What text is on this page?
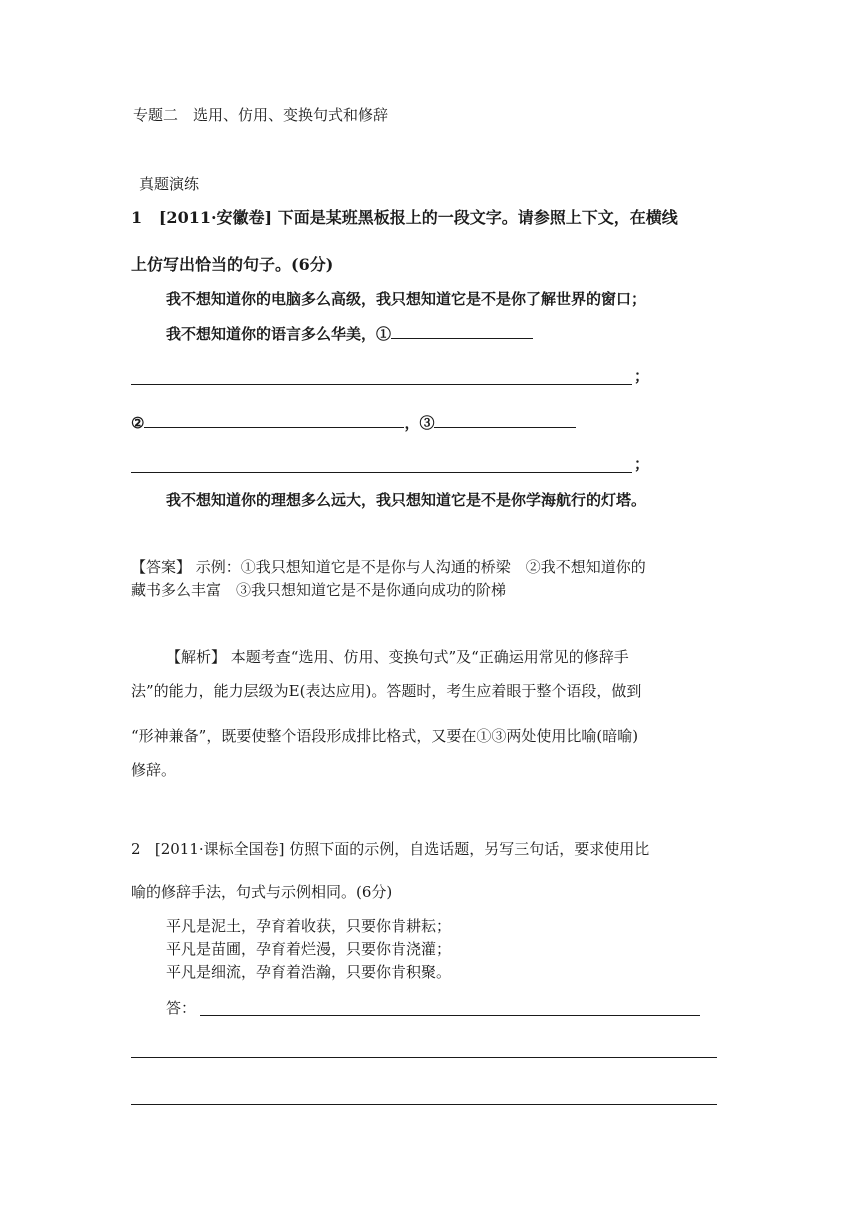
专题二　选用、仿用、变换句式和修辞
真题演练
1 [2011·安徽卷] 下面是某班黑板报上的一段文字。请参照上下文，在横线
上仿写出恰当的句子。(6分)
我不想知道你的电脑多么高级，我只想知道它是不是你了解世界的窗口；
我不想知道你的语言多么华美，①
；
②	，③
；
我不想知道你的理想多么远大，我只想知道它是不是你学海航行的灯塔。
【答案】 示例：①我只想知道它是不是你与人沟通的桥梁　②我不想知道你的
藏书多么丰富　③我只想知道它是不是你通向成功的阶梯
【解析】 本题考查“选用、仿用、变换句式”及“正确运用常见的修辞手
法”的能力，能力层级为E(表达应用)。答题时，考生应着眼于整个语段，做到
“形神兼备”，既要使整个语段形成排比格式，又要在①③两处使用比喻(暗喻)
修辞。
2 [2011·课标全国卷] 仿照下面的示例，自选话题，另写三句话，要求使用比
喻的修辞手法，句式与示例相同。(6分)
平凡是泥土，孕育着收获，只要你肯耕耘；
平凡是苗圃，孕育着烂漫，只要你肯浇灌；
平凡是细流，孕育着浩瀚，只要你肯积聚。
答：
